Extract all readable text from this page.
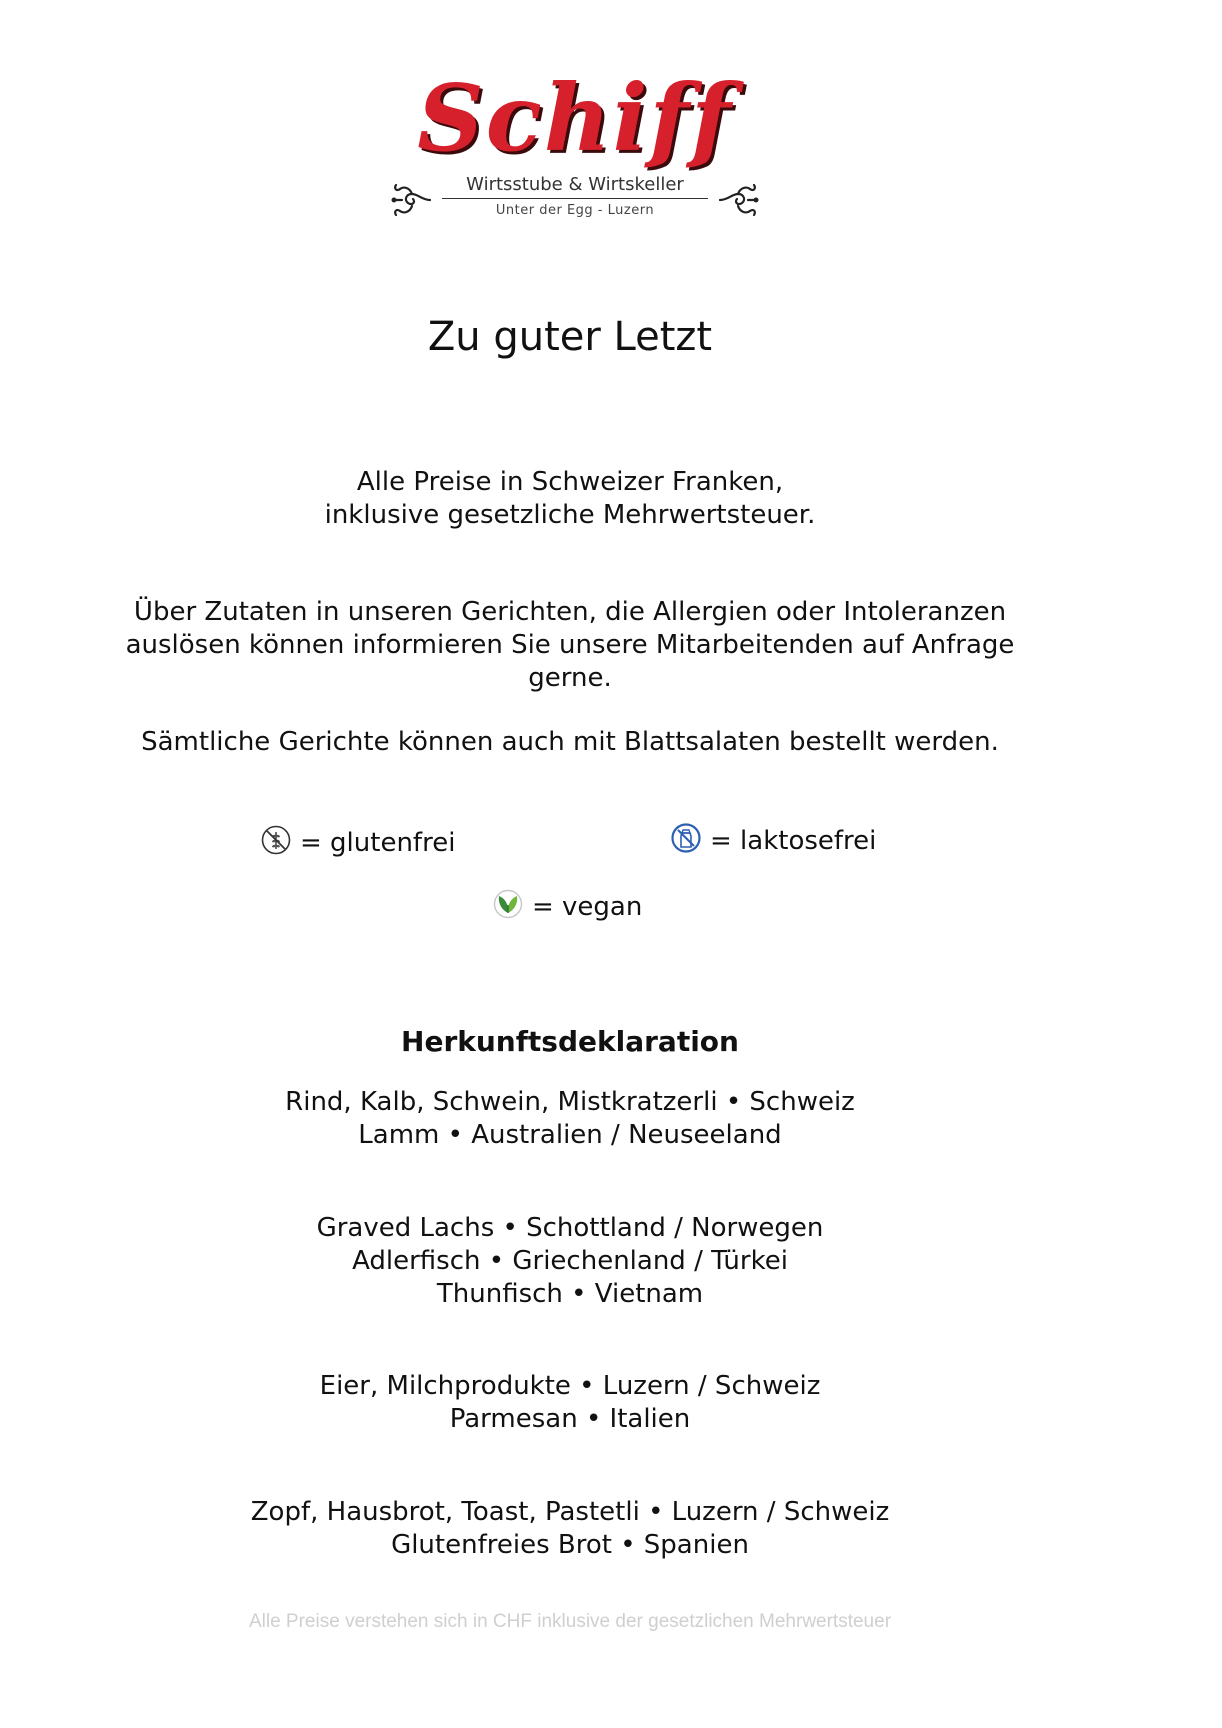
Schiff
Wirtsstube & Wirtskeller
Unter der Egg - Luzern
Zu guter Letzt
Alle Preise in Schweizer Franken,
inklusive gesetzliche Mehrwertsteuer.
Über Zutaten in unseren Gerichten, die Allergien oder Intoleranzen
auslösen können informieren Sie unsere Mitarbeitenden auf Anfrage
gerne.
Sämtliche Gerichte können auch mit Blattsalaten bestellt werden.
= glutenfrei	= laktosefrei
= vegan
Herkunftsdeklaration
Rind, Kalb, Schwein, Mistkratzerli • Schweiz
Lamm • Australien / Neuseeland
Graved Lachs • Schottland / Norwegen
Adlerfisch • Griechenland / Türkei
Thunfisch • Vietnam
Eier, Milchprodukte • Luzern / Schweiz
Parmesan • Italien
Zopf, Hausbrot, Toast, Pastetli • Luzern / Schweiz
Glutenfreies Brot • Spanien
Alle Preise verstehen sich in CHF inklusive der gesetzlichen Mehrwertsteuer
